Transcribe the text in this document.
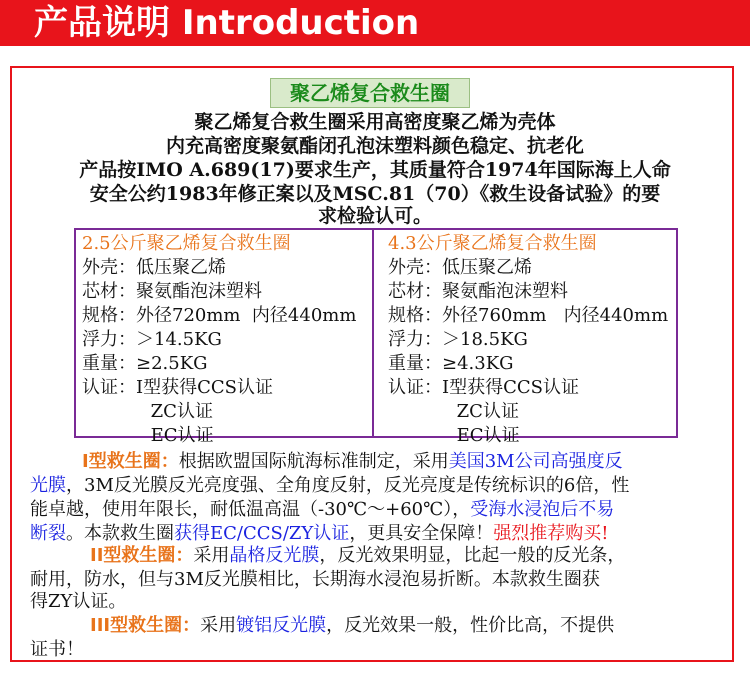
产品说明 Introduction
聚乙烯复合救生圈
聚乙烯复合救生圈采用高密度聚乙烯为壳体
内充高密度聚氨酯闭孔泡沫塑料颜色稳定、抗老化
产品按IMO A.689(17)要求生产，其质量符合1974年国际海上人命
安全公约1983年修正案以及MSC.81（70）《救生设备试验》的要
求检验认可。
2.5公斤聚乙烯复合救生圈
外壳：低压聚乙烯
芯材：聚氨酯泡沫塑料
规格：外径720mm  内径440mm
浮力：＞14.5KG
重量：≥2.5KG
认证：I型获得CCS认证
ZC认证
EC认证
4.3公斤聚乙烯复合救生圈
外壳：低压聚乙烯
芯材：聚氨酯泡沫塑料
规格：外径760mm   内径440mm
浮力：＞18.5KG
重量：≥4.3KG
认证：I型获得CCS认证
ZC认证
EC认证
I型救生圈：根据欧盟国际航海标准制定，采用美国3M公司高强度反
光膜，3M反光膜反光亮度强、全角度反射，反光亮度是传统标识的6倍，性
能卓越，使用年限长，耐低温高温（-30℃～+60℃），受海水浸泡后不易
断裂。本款救生圈获得EC/CCS/ZY认证，更具安全保障！强烈推荐购买!
II型救生圈：采用晶格反光膜，反光效果明显，比起一般的反光条，
耐用，防水，但与3M反光膜相比，长期海水浸泡易折断。本款救生圈获
得ZY认证。
III型救生圈：采用镀铝反光膜，反光效果一般，性价比高，不提供
证书！
